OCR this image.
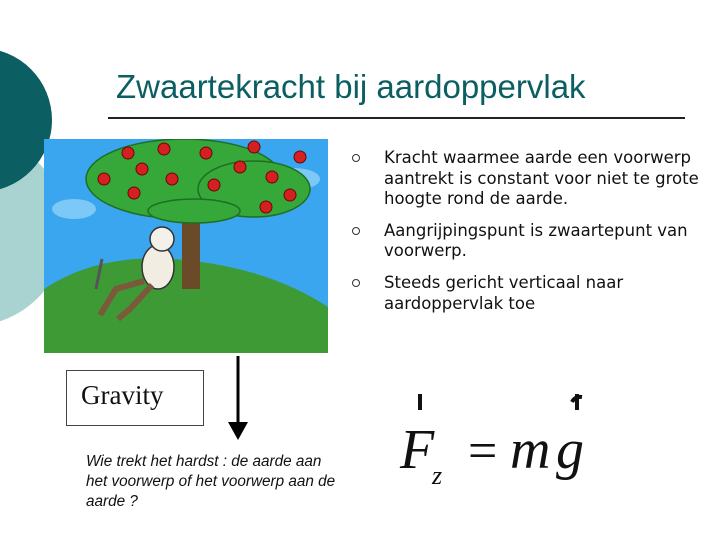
Zwaartekracht bij aardoppervlak
Kracht waarmee aarde een voorwerp aantrekt is constant voor niet te grote hoogte rond de aarde.
Aangrijpingspunt is zwaartepunt van voorwerp.
Steeds gericht verticaal naar aardoppervlak toe
Gravity
Wie trekt het hardst : de aarde aan het voorwerp of het voorwerp aan de aarde ?
F
z = m g
